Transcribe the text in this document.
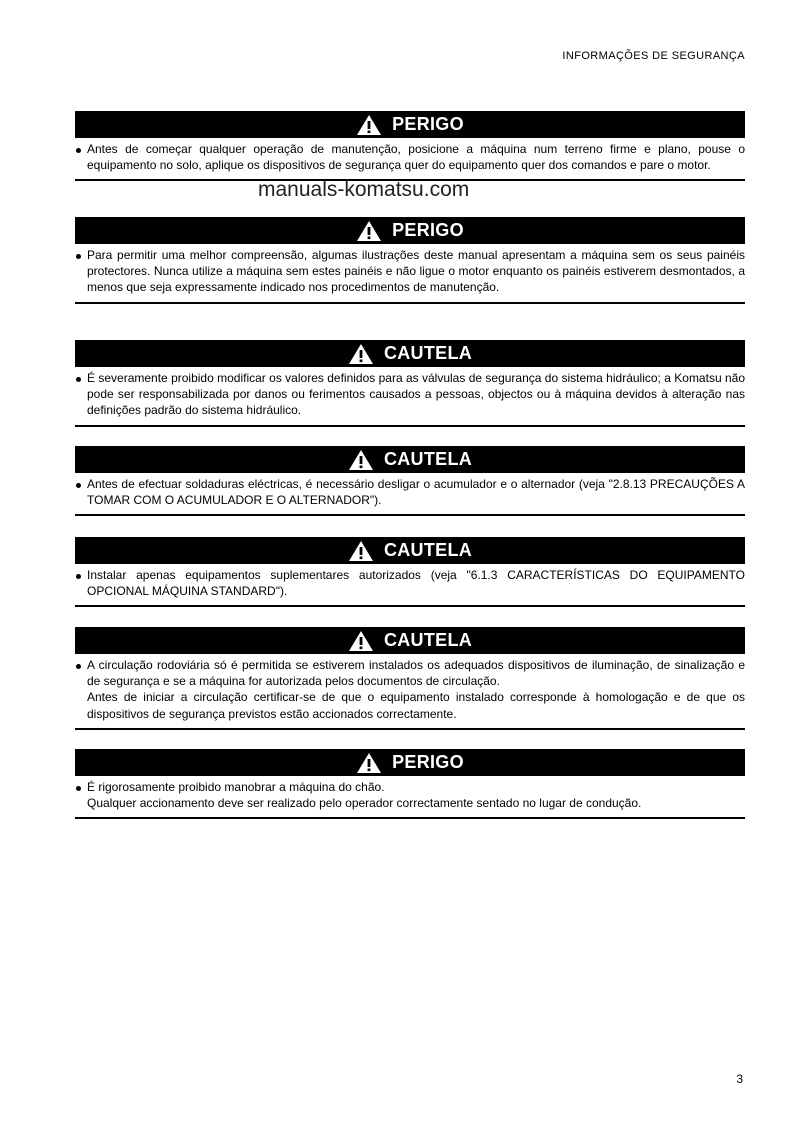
INFORMAÇÕES DE SEGURANÇA
manuals-komatsu.com
PERIGO

Antes de começar qualquer operação de manutenção, posicione a máquina num terreno firme e plano, pouse o equipamento no solo, aplique os dispositivos de segurança quer do equipamento quer dos comandos e pare o motor.

PERIGO

Para permitir uma melhor compreensão, algumas ilustrações deste manual apresentam a máquina sem os seus painéis protectores. Nunca utilize a máquina sem estes painéis e não ligue o motor enquanto os painéis estiverem desmontados, a menos que seja expressamente indicado nos procedimentos de manutenção.

CAUTELA

É severamente proibido modificar os valores definidos para as válvulas de segurança do sistema hidráulico; a Komatsu não pode ser responsabilizada por danos ou ferimentos causados a pessoas, objectos ou à máquina devidos à alteração nas definições padrão do sistema hidráulico.

CAUTELA

Antes de efectuar soldaduras eléctricas, é necessário desligar o acumulador e o alternador (veja "2.8.13 PRECAUÇÕES A TOMAR COM O ACUMULADOR E O ALTERNADOR").

CAUTELA

Instalar apenas equipamentos suplementares autorizados (veja "6.1.3 CARACTERÍSTICAS DO EQUIPAMENTO OPCIONAL MÁQUINA STANDARD").

CAUTELA

A circulação rodoviária só é permitida se estiverem instalados os adequados dispositivos de iluminação, de sinalização e de segurança e se a máquina for autorizada pelos documentos de circulação.

Antes de iniciar a circulação certificar-se de que o equipamento instalado corresponde à homologação e de que os dispositivos de segurança previstos estão accionados correctamente.

PERIGO

É rigorosamente proibido manobrar a máquina do chão.

Qualquer accionamento deve ser realizado pelo operador correctamente sentado no lugar de condução.

3
